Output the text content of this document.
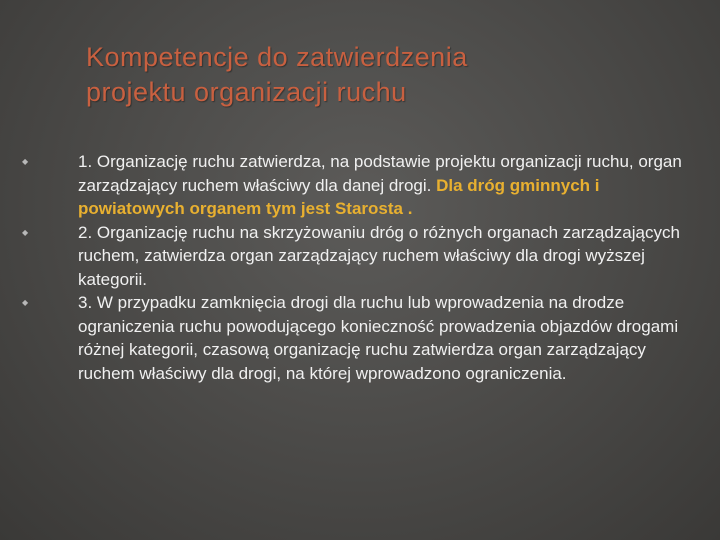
Kompetencje do zatwierdzenia
projektu organizacji ruchu
◆	1. Organizację ruchu zatwierdza, na podstawie projektu organizacji ruchu, organ zarządzający ruchem właściwy dla danej drogi. Dla dróg gminnych i powiatowych organem tym jest Starosta .
◆	2. Organizację ruchu na skrzyżowaniu dróg o różnych organach zarządzających ruchem, zatwierdza organ zarządzający ruchem właściwy dla drogi wyższej kategorii.
◆	3. W przypadku zamknięcia drogi dla ruchu lub wprowadzenia na drodze ograniczenia ruchu powodującego konieczność prowadzenia objazdów drogami różnej kategorii, czasową organizację ruchu zatwierdza organ zarządzający ruchem właściwy dla drogi, na której wprowadzono ograniczenia.
